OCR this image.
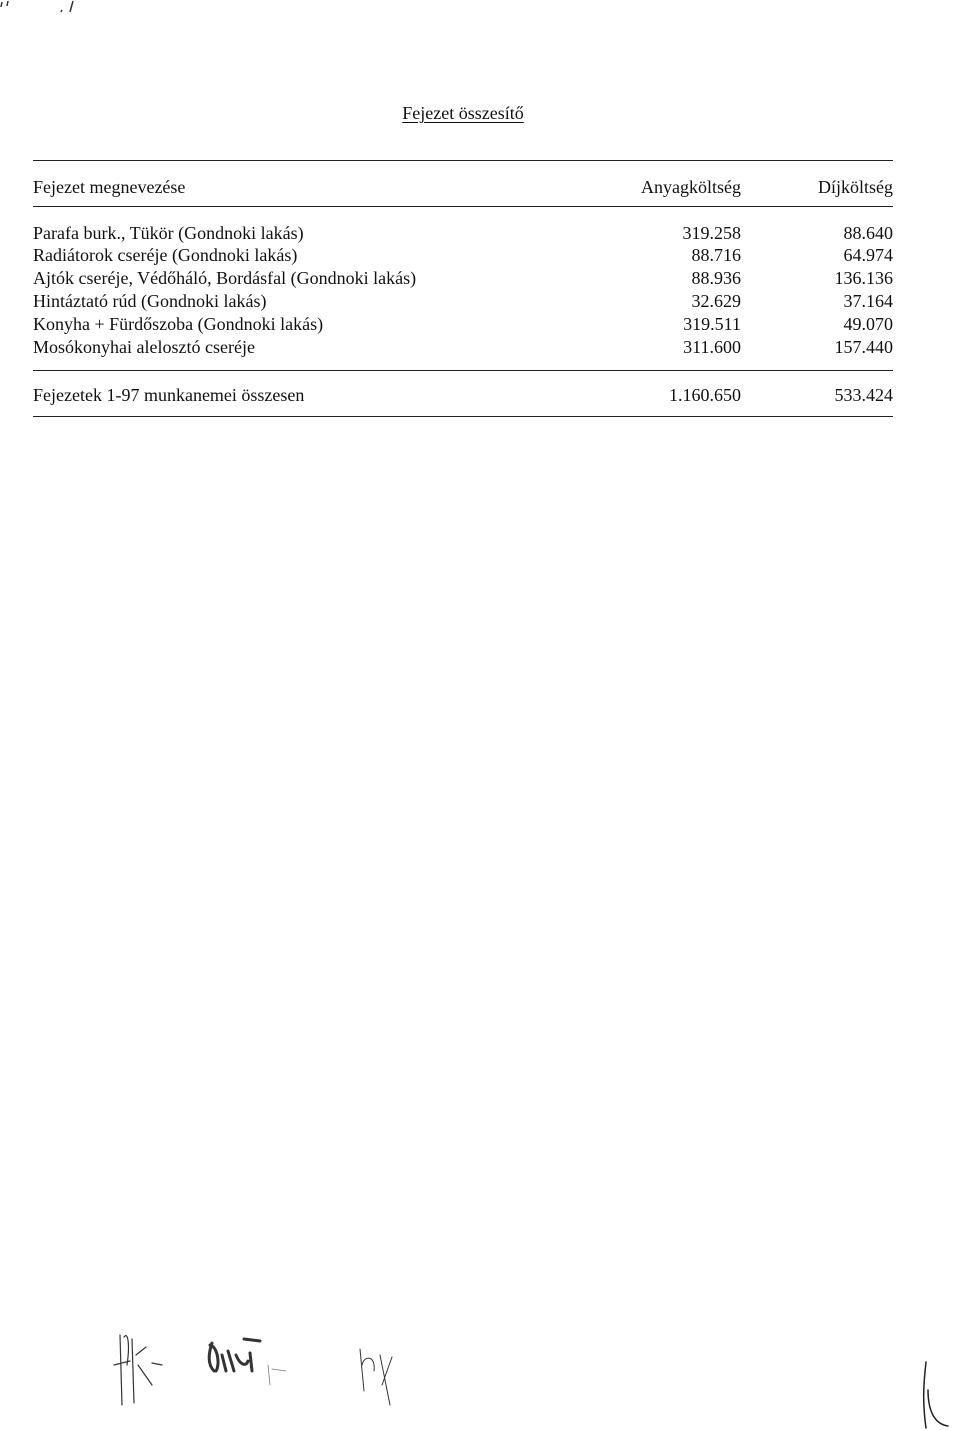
Fejezet összesítő
Fejezet megnevezése	Anyagköltség	Díjköltség
Parafa burk., Tükör (Gondnoki lakás)	319.258	88.640
Radiátorok cseréje (Gondnoki lakás)	88.716	64.974
Ajtók cseréje, Védőháló, Bordásfal (Gondnoki lakás)	88.936	136.136
Hintáztató rúd (Gondnoki lakás)	32.629	37.164
Konyha + Fürdőszoba (Gondnoki lakás)	319.511	49.070
Mosókonyhai alelosztó cseréje	311.600	157.440
Fejezetek 1-97 munkanemei összesen	1.160.650	533.424
